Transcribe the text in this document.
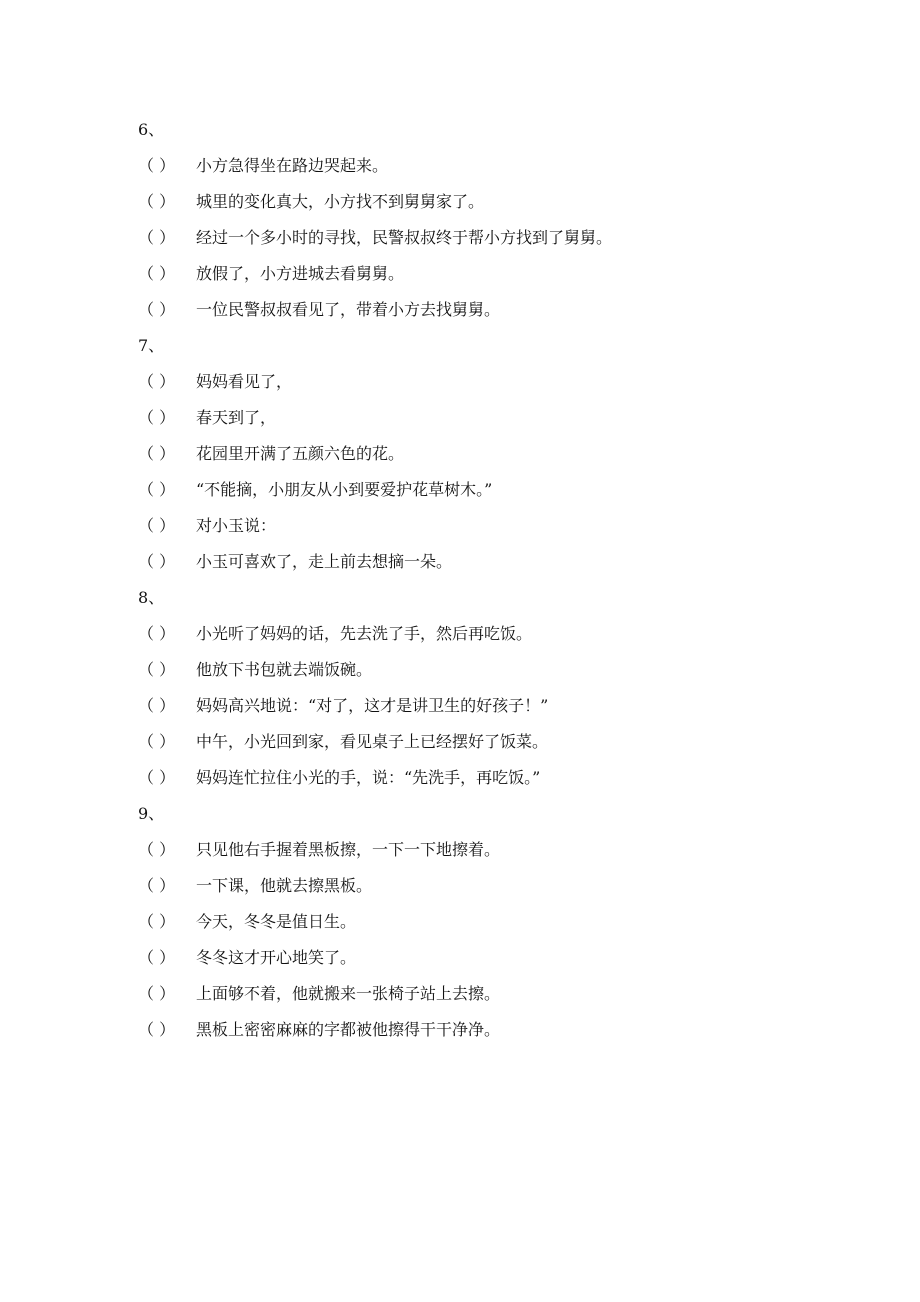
6、
（ ） 小方急得坐在路边哭起来。
（ ） 城里的变化真大，小方找不到舅舅家了。
（ ） 经过一个多小时的寻找，民警叔叔终于帮小方找到了舅舅。
（ ） 放假了，小方进城去看舅舅。
（ ） 一位民警叔叔看见了，带着小方去找舅舅。
7、
（ ） 妈妈看见了，
（ ） 春天到了，
（ ） 花园里开满了五颜六色的花。
（ ） “不能摘，小朋友从小到要爱护花草树木。”
（ ） 对小玉说：
（ ） 小玉可喜欢了，走上前去想摘一朵。
8、
（ ） 小光听了妈妈的话，先去洗了手，然后再吃饭。
（ ） 他放下书包就去端饭碗。
（ ） 妈妈高兴地说：“对了，这才是讲卫生的好孩子！”
（ ） 中午，小光回到家，看见桌子上已经摆好了饭菜。
（ ） 妈妈连忙拉住小光的手，说：“先洗手，再吃饭。”
9、
（ ） 只见他右手握着黑板擦，一下一下地擦着。
（ ） 一下课，他就去擦黑板。
（ ） 今天，冬冬是值日生。
（ ） 冬冬这才开心地笑了。
（ ） 上面够不着，他就搬来一张椅子站上去擦。
（ ） 黑板上密密麻麻的字都被他擦得干干净净。
